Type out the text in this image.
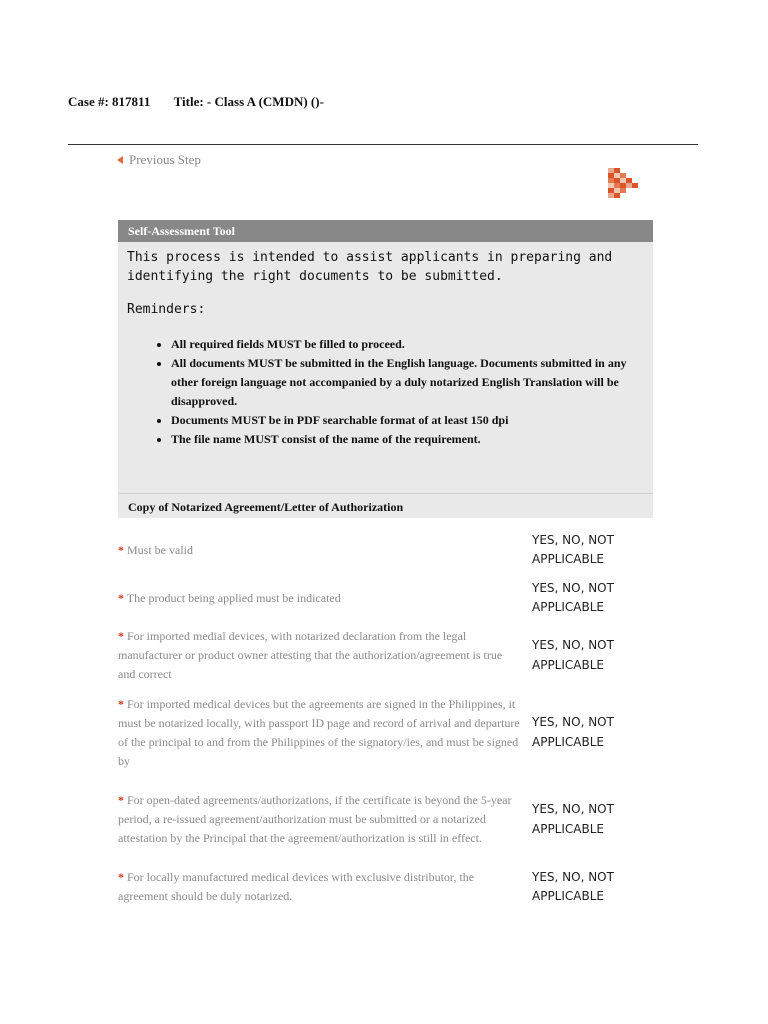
Case #: 817811 Title: - Class A (CMDN) ()-
Previous Step
Self-Assessment Tool

This process is intended to assist applicants in preparing and
identifying the right documents to be submitted.

Reminders:

• All required fields MUST be filled to proceed.
• All documents MUST be submitted in the English language. Documents submitted in any other foreign language not accompanied by a duly notarized English Translation will be disapproved.
• Documents MUST be in PDF searchable format of at least 150 dpi
• The file name MUST consist of the name of the requirement.
Copy of Notarized Agreement/Letter of Authorization
* Must be valid
YES, NO, NOT APPLICABLE
* The product being applied must be indicated
YES, NO, NOT APPLICABLE
* For imported medial devices, with notarized declaration from the legal manufacturer or product owner attesting that the authorization/agreement is true and correct
YES, NO, NOT APPLICABLE
* For imported medical devices but the agreements are signed in the Philippines, it must be notarized locally, with passport ID page and record of arrival and departure of the principal to and from the Philippines of the signatory/ies, and must be signed by
YES, NO, NOT APPLICABLE
* For open-dated agreements/authorizations, if the certificate is beyond the 5-year period, a re-issued agreement/authorization must be submitted or a notarized attestation by the Principal that the agreement/authorization is still in effect.
YES, NO, NOT APPLICABLE
* For locally manufactured medical devices with exclusive distributor, the agreement should be duly notarized.
YES, NO, NOT APPLICABLE
